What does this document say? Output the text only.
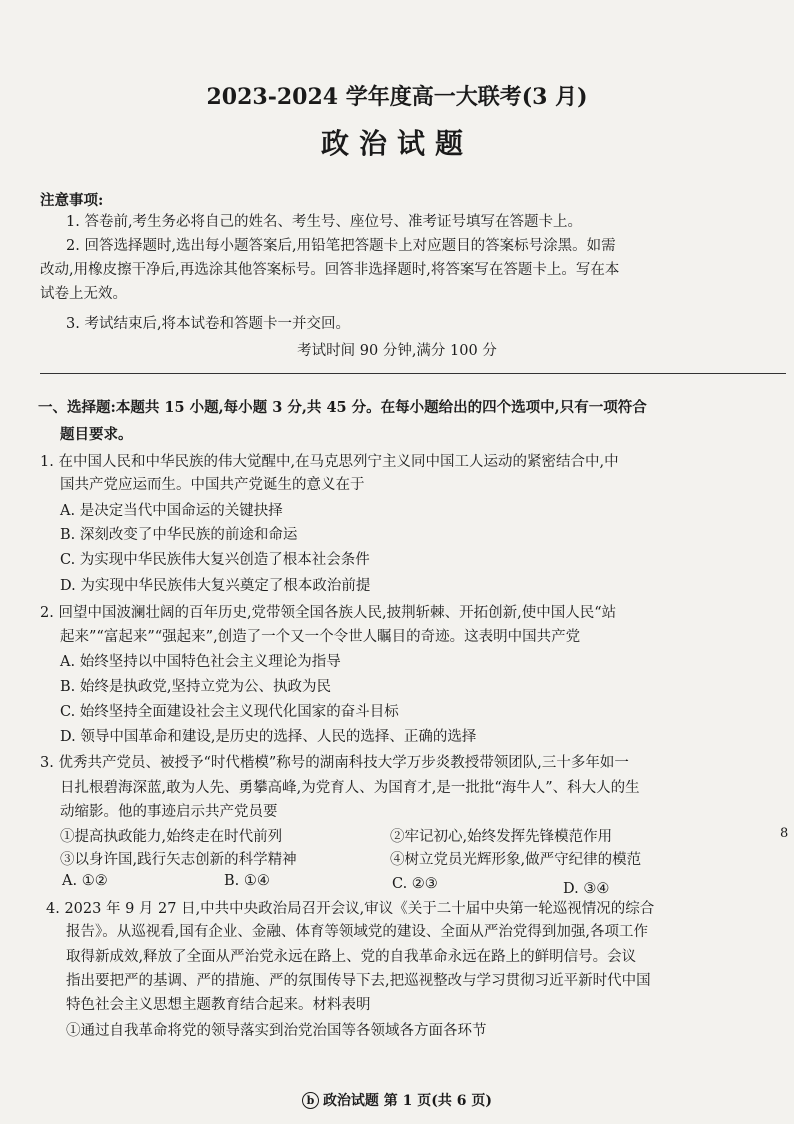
2023-2024 学年度高一大联考(3 月)
政治试题
注意事项:
1. 答卷前,考生务必将自己的姓名、考生号、座位号、准考证号填写在答题卡上。
2. 回答选择题时,选出每小题答案后,用铅笔把答题卡上对应题目的答案标号涂黑。如需
改动,用橡皮擦干净后,再选涂其他答案标号。回答非选择题时,将答案写在答题卡上。写在本
试卷上无效。
3. 考试结束后,将本试卷和答题卡一并交回。
考试时间 90 分钟,满分 100 分
一、选择题:本题共 15 小题,每小题 3 分,共 45 分。在每小题给出的四个选项中,只有一项符合
题目要求。
1. 在中国人民和中华民族的伟大觉醒中,在马克思列宁主义同中国工人运动的紧密结合中,中
国共产党应运而生。中国共产党诞生的意义在于
A. 是决定当代中国命运的关键抉择
B. 深刻改变了中华民族的前途和命运
C. 为实现中华民族伟大复兴创造了根本社会条件
D. 为实现中华民族伟大复兴奠定了根本政治前提
2. 回望中国波澜壮阔的百年历史,党带领全国各族人民,披荆斩棘、开拓创新,使中国人民“站
起来”“富起来”“强起来”,创造了一个又一个令世人瞩目的奇迹。这表明中国共产党
A. 始终坚持以中国特色社会主义理论为指导
B. 始终是执政党,坚持立党为公、执政为民
C. 始终坚持全面建设社会主义现代化国家的奋斗目标
D. 领导中国革命和建设,是历史的选择、人民的选择、正确的选择
3. 优秀共产党员、被授予“时代楷模”称号的湖南科技大学万步炎教授带领团队,三十多年如一
日扎根碧海深蓝,敢为人先、勇攀高峰,为党育人、为国育才,是一批批“海牛人”、科大人的生
动缩影。他的事迹启示共产党员要
①提高执政能力,始终走在时代前列	②牢记初心,始终发挥先锋模范作用
③以身许国,践行矢志创新的科学精神	④树立党员光辉形象,做严守纪律的模范
A. ①②	B. ①④	C. ②③	D. ③④
4. 2023 年 9 月 27 日,中共中央政治局召开会议,审议《关于二十届中央第一轮巡视情况的综合
报告》。从巡视看,国有企业、金融、体育等领域党的建设、全面从严治党得到加强,各项工作
取得新成效,释放了全面从严治党永远在路上、党的自我革命永远在路上的鲜明信号。会议
指出要把严的基调、严的措施、严的氛围传导下去,把巡视整改与学习贯彻习近平新时代中国
特色社会主义思想主题教育结合起来。材料表明
①通过自我革命将党的领导落实到治党治国等各领域各方面各环节
8
b 政治试题 第 1 页(共 6 页)
